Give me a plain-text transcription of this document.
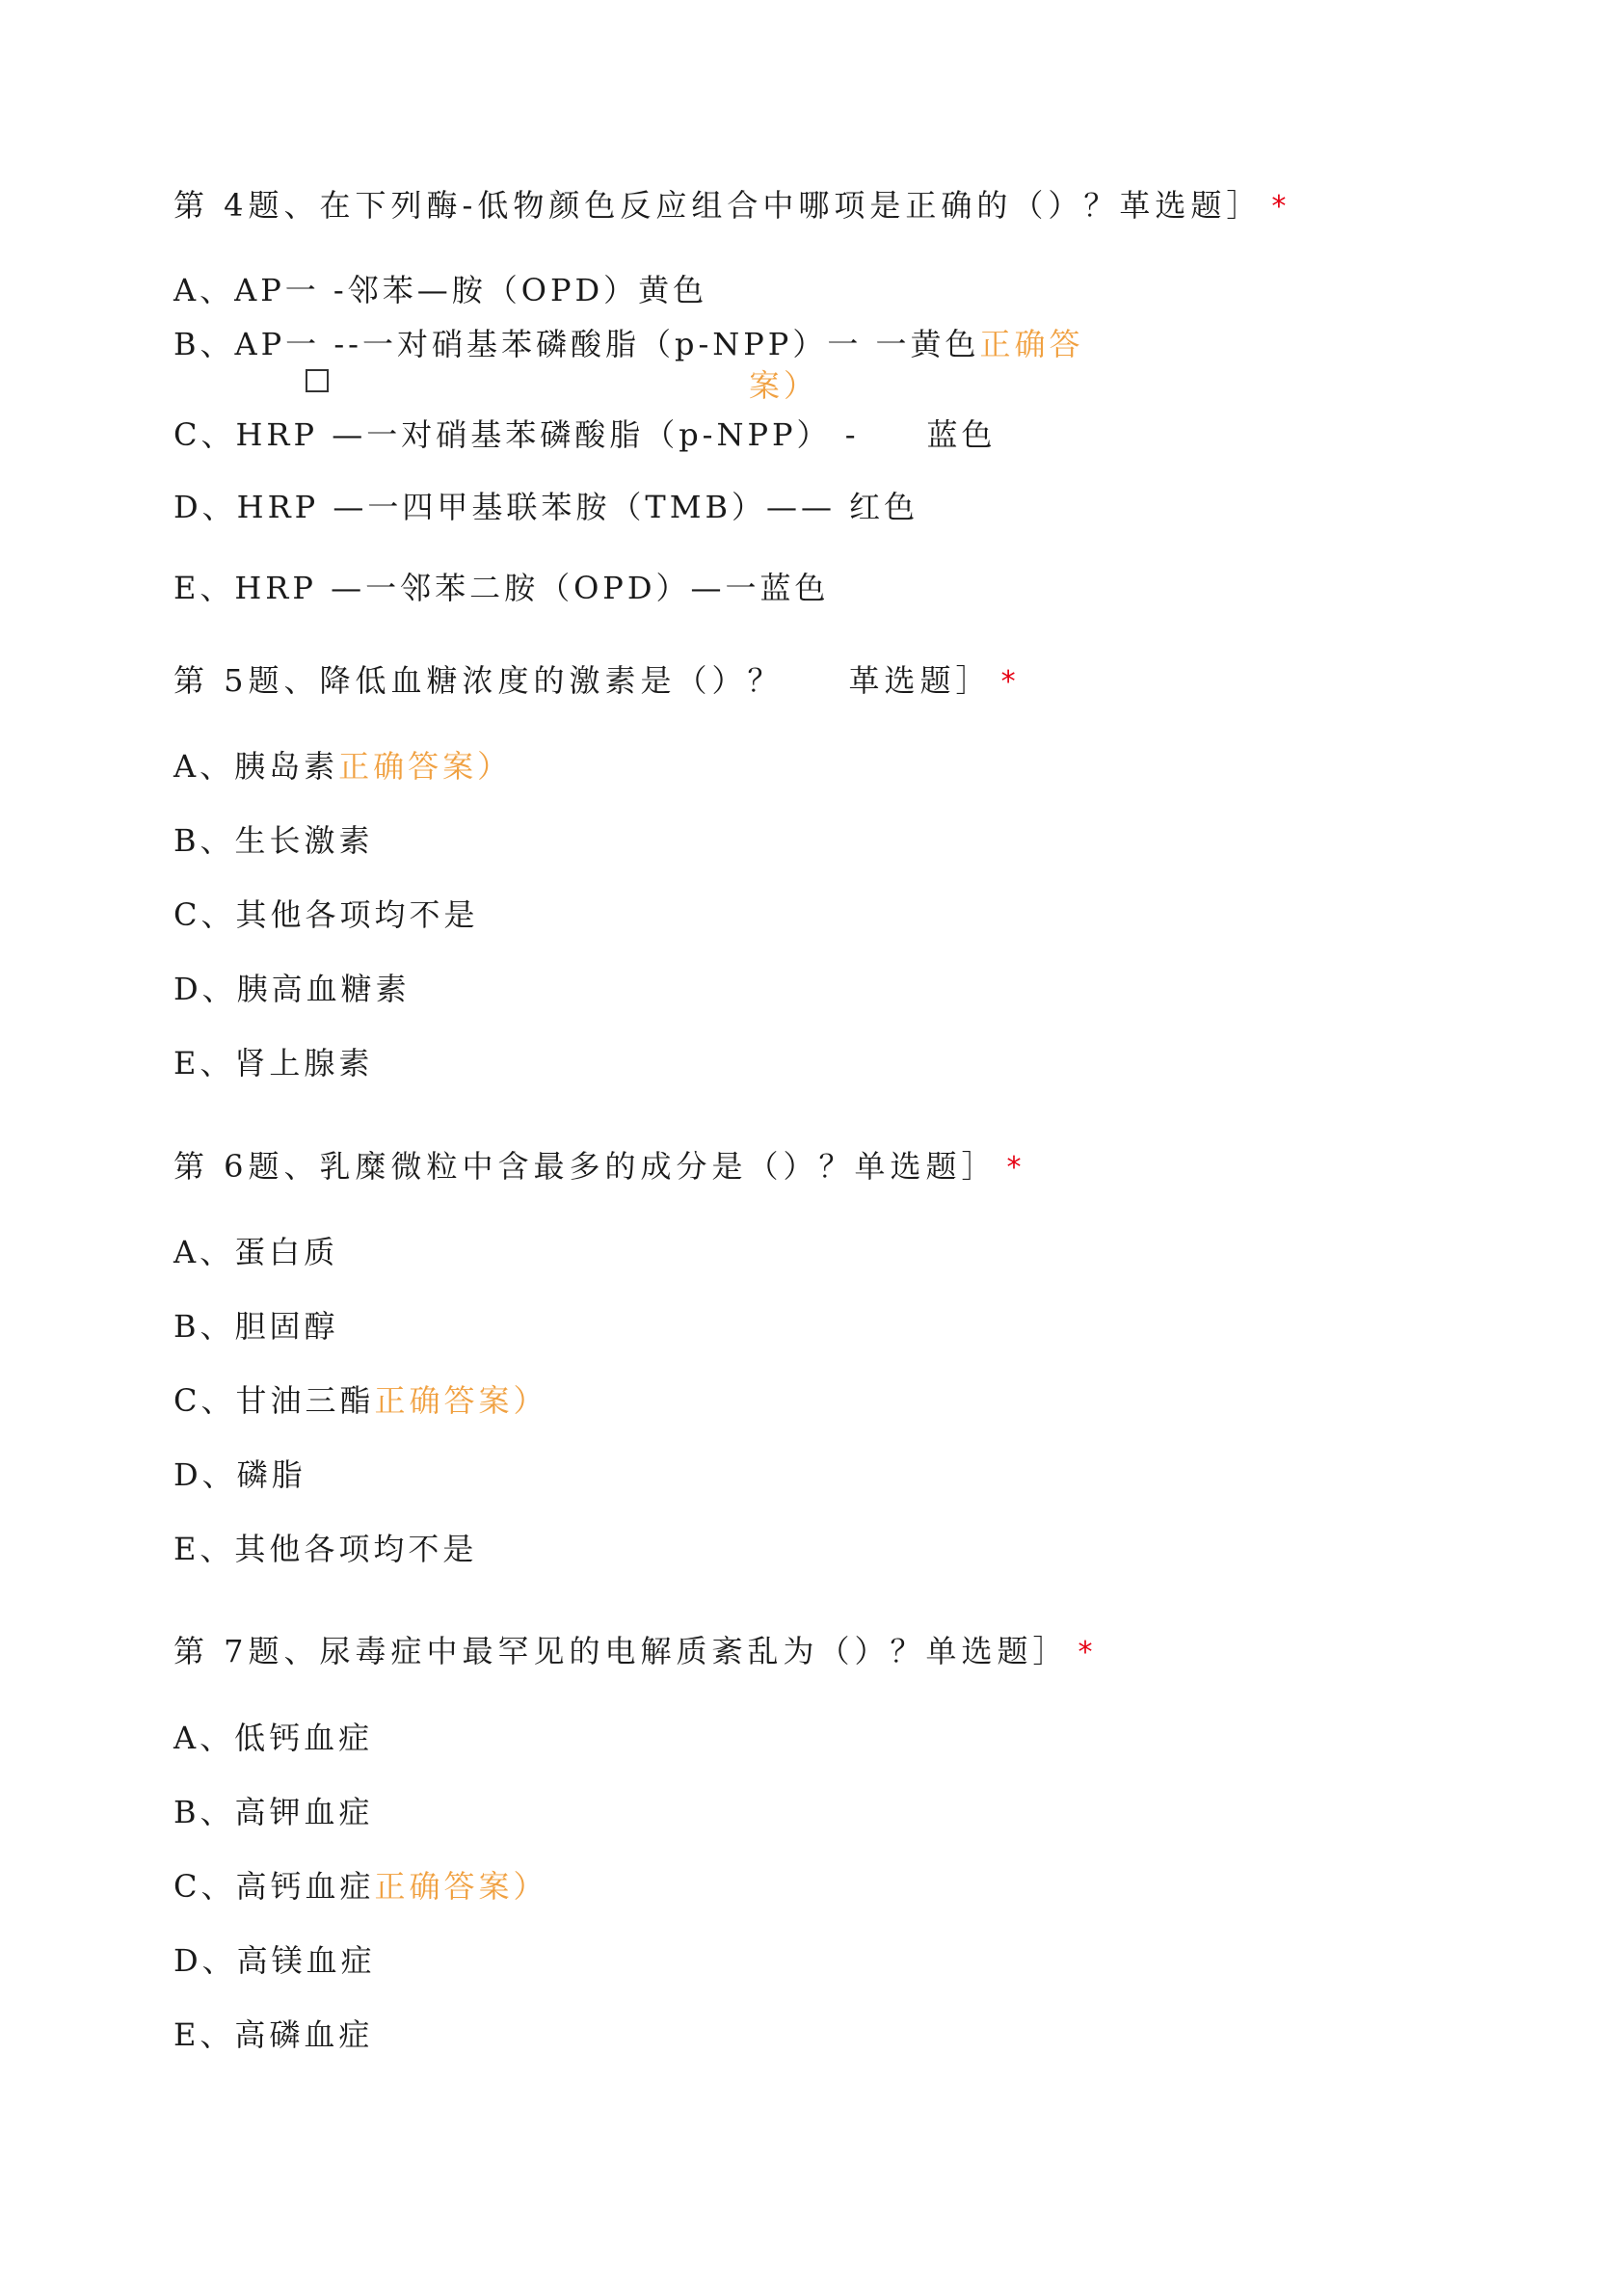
第 4题、在下列酶-低物颜色反应组合中哪项是正确的（）？革选题］ *
A、AP一 -邻苯—胺（OPD）黄色
B、AP一 --一对硝基苯磷酸脂（p-NPP）一 一黄色正确答
案）
C、HRP —一对硝基苯磷酸脂（p-NPP） - 蓝色
D、HRP —一四甲基联苯胺（TMB）—— 红色
E、HRP —一邻苯二胺（OPD）—一蓝色
第 5题、降低血糖浓度的激素是（）？ 革选题］ *
A、胰岛素正确答案）
B、生长激素
C、其他各项均不是
D、胰高血糖素
E、肾上腺素
第 6题、乳糜微粒中含最多的成分是（）？单选题］ *
A、蛋白质
B、胆固醇
C、甘油三酯正确答案）
D、磷脂
E、其他各项均不是
第 7题、尿毒症中最罕见的电解质紊乱为（）？单选题］ *
A、低钙血症
B、高钾血症
C、高钙血症正确答案）
D、高镁血症
E、高磷血症
